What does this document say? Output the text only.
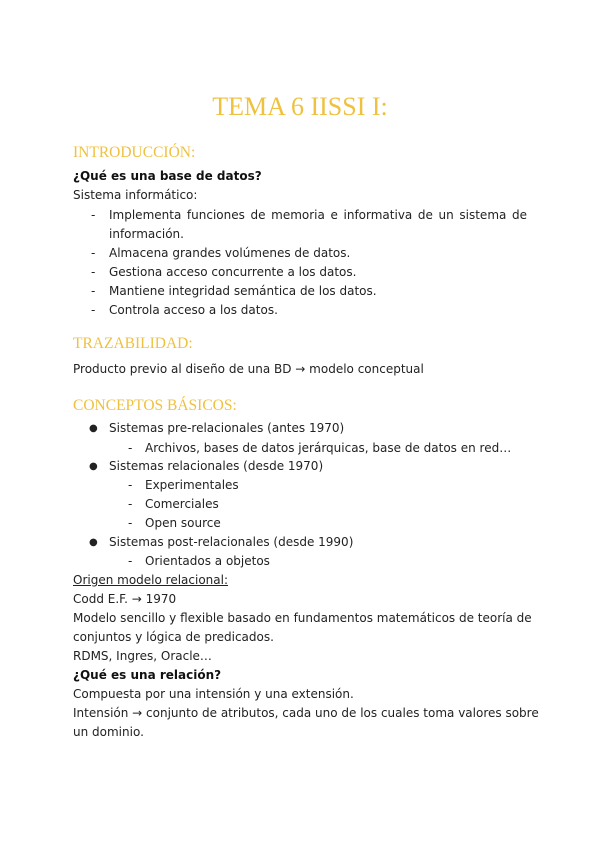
TEMA 6 IISSI I:
INTRODUCCIÓN:
¿Qué es una base de datos?
Sistema informático:
- Implementa funciones de memoria e informativa de un sistema de
información.
- Almacena grandes volúmenes de datos.
- Gestiona acceso concurrente a los datos.
- Mantiene integridad semántica de los datos.
- Controla acceso a los datos.
TRAZABILIDAD:
Producto previo al diseño de una BD → modelo conceptual
CONCEPTOS BÁSICOS:
● Sistemas pre-relacionales (antes 1970)
- Archivos, bases de datos jerárquicas, base de datos en red…
● Sistemas relacionales (desde 1970)
- Experimentales
- Comerciales
- Open source
● Sistemas post-relacionales (desde 1990)
- Orientados a objetos
Origen modelo relacional:
Codd E.F. → 1970
Modelo sencillo y flexible basado en fundamentos matemáticos de teoría de
conjuntos y lógica de predicados.
RDMS, Ingres, Oracle…
¿Qué es una relación?
Compuesta por una intensión y una extensión.
Intensión → conjunto de atributos, cada uno de los cuales toma valores sobre
un dominio.
